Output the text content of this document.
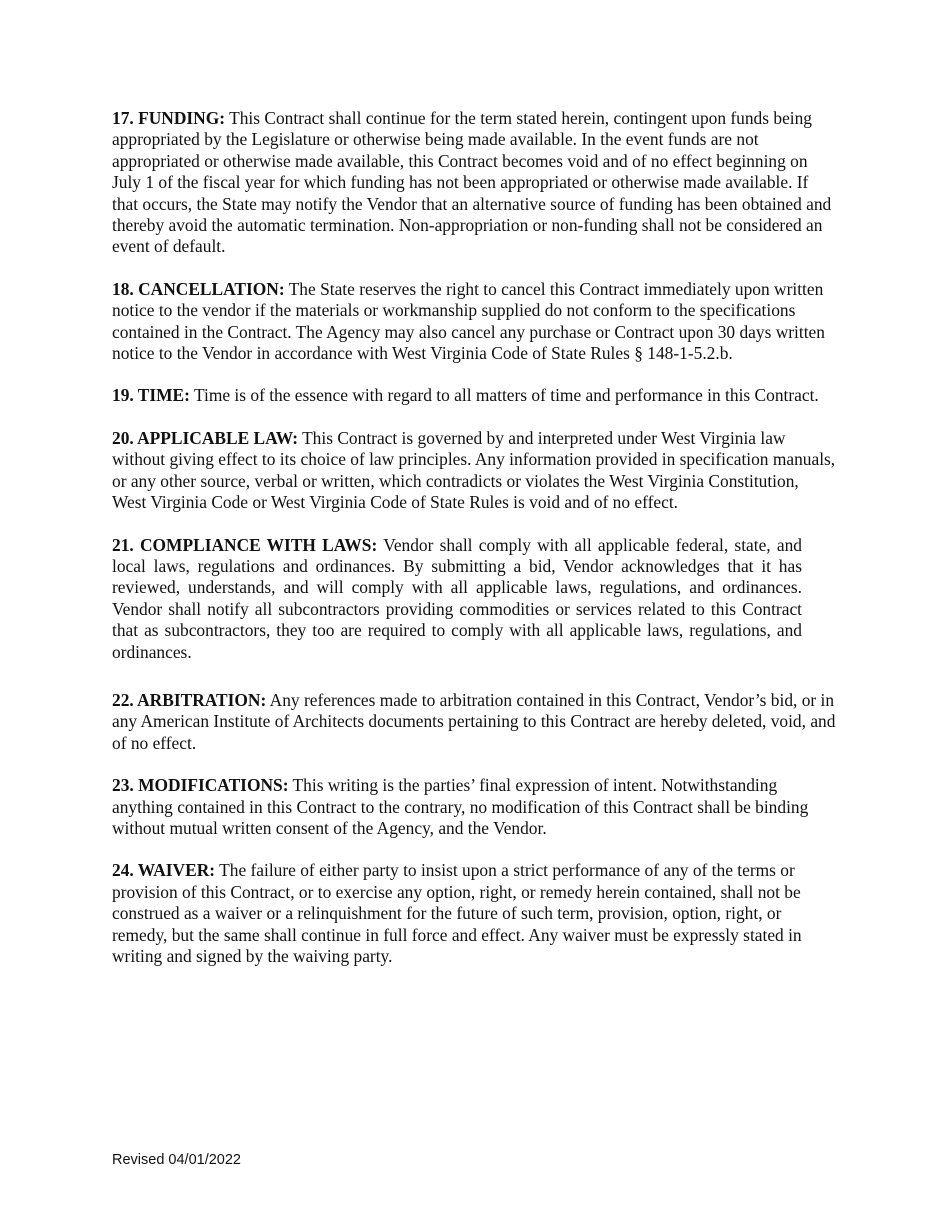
17. FUNDING: This Contract shall continue for the term stated herein, contingent upon funds being appropriated by the Legislature or otherwise being made available. In the event funds are not appropriated or otherwise made available, this Contract becomes void and of no effect beginning on July 1 of the fiscal year for which funding has not been appropriated or otherwise made available. If that occurs, the State may notify the Vendor that an alternative source of funding has been obtained and thereby avoid the automatic termination. Non-appropriation or non-funding shall not be considered an event of default.

18. CANCELLATION: The State reserves the right to cancel this Contract immediately upon written notice to the vendor if the materials or workmanship supplied do not conform to the specifications contained in the Contract. The Agency may also cancel any purchase or Contract upon 30 days written notice to the Vendor in accordance with West Virginia Code of State Rules § 148-1-5.2.b.

19. TIME: Time is of the essence with regard to all matters of time and performance in this Contract.

20. APPLICABLE LAW: This Contract is governed by and interpreted under West Virginia law without giving effect to its choice of law principles. Any information provided in specification manuals, or any other source, verbal or written, which contradicts or violates the West Virginia Constitution, West Virginia Code or West Virginia Code of State Rules is void and of no effect.

21. COMPLIANCE WITH LAWS: Vendor shall comply with all applicable federal, state, and local laws, regulations and ordinances. By submitting a bid, Vendor acknowledges that it has reviewed, understands, and will comply with all applicable laws, regulations, and ordinances. Vendor shall notify all subcontractors providing commodities or services related to this Contract that as subcontractors, they too are required to comply with all applicable laws, regulations, and ordinances.

22. ARBITRATION: Any references made to arbitration contained in this Contract, Vendor’s bid, or in any American Institute of Architects documents pertaining to this Contract are hereby deleted, void, and of no effect.

23. MODIFICATIONS: This writing is the parties’ final expression of intent. Notwithstanding anything contained in this Contract to the contrary, no modification of this Contract shall be binding without mutual written consent of the Agency, and the Vendor.

24. WAIVER: The failure of either party to insist upon a strict performance of any of the terms or provision of this Contract, or to exercise any option, right, or remedy herein contained, shall not be construed as a waiver or a relinquishment for the future of such term, provision, option, right, or remedy, but the same shall continue in full force and effect. Any waiver must be expressly stated in writing and signed by the waiving party.

Revised 04/01/2022
